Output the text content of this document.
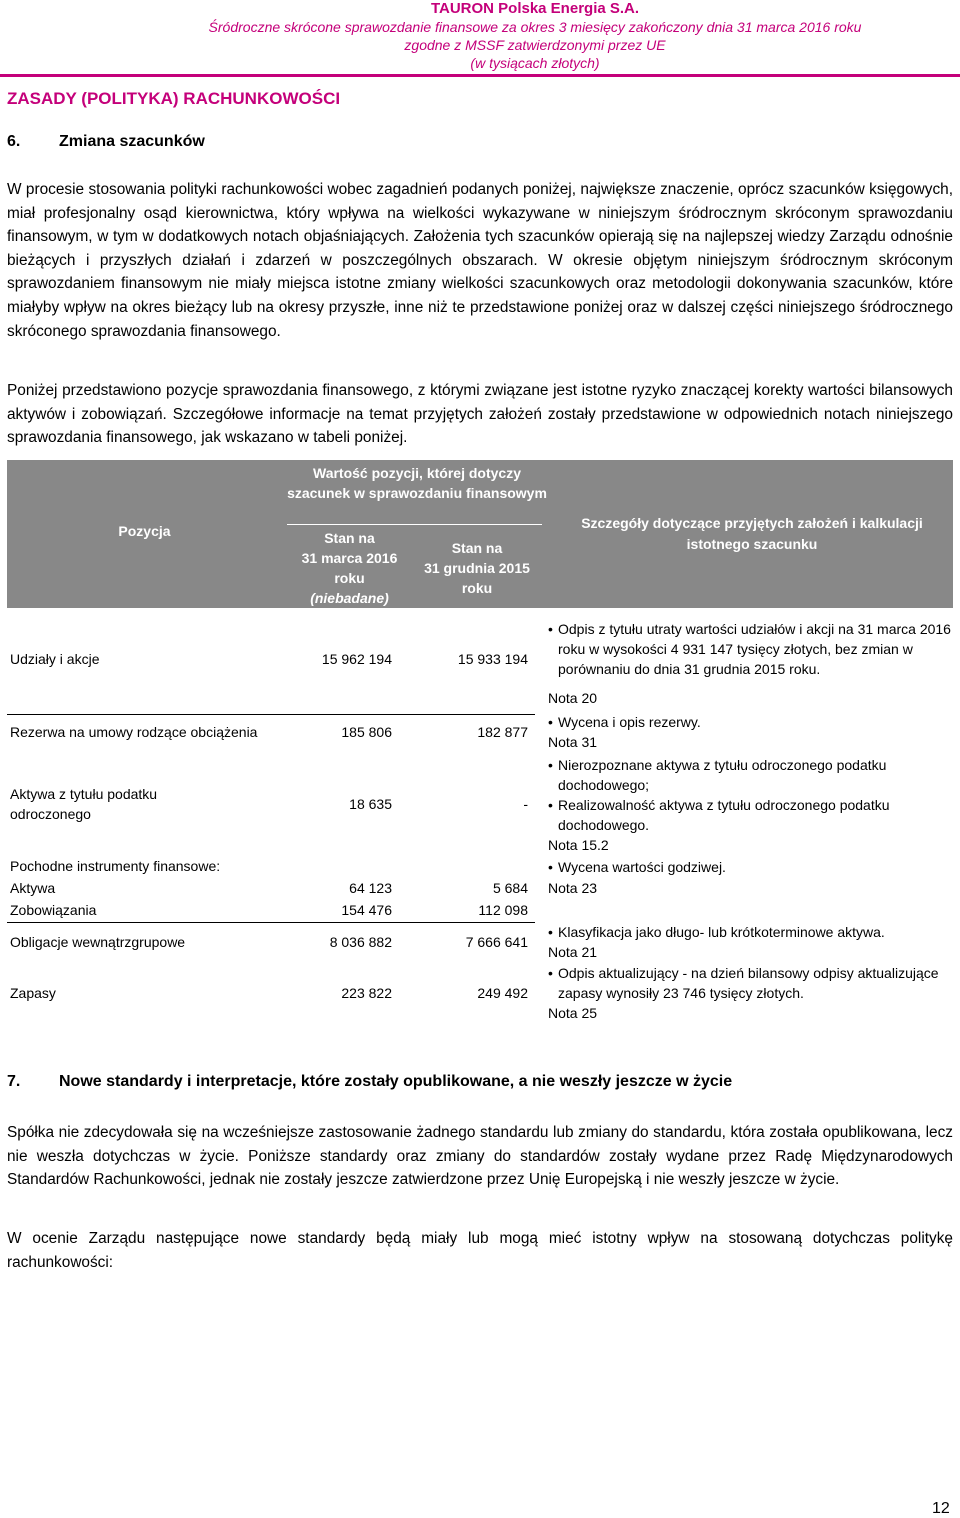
TAURON Polska Energia S.A.
Śródroczne skrócone sprawozdanie finansowe za okres 3 miesięcy zakończony dnia 31 marca 2016 roku
zgodne z MSSF zatwierdzonymi przez UE
(w tysiącach złotych)
ZASADY (POLITYKA) RACHUNKOWOŚCI
6. Zmiana szacunków
W procesie stosowania polityki rachunkowości wobec zagadnień podanych poniżej, największe znaczenie, oprócz szacunków księgowych, miał profesjonalny osąd kierownictwa, który wpływa na wielkości wykazywane w niniejszym śródrocznym skróconym sprawozdaniu finansowym, w tym w dodatkowych notach objaśniających. Założenia tych szacunków opierają się na najlepszej wiedzy Zarządu odnośnie bieżących i przyszłych działań i zdarzeń w poszczególnych obszarach. W okresie objętym niniejszym śródrocznym skróconym sprawozdaniem finansowym nie miały miejsca istotne zmiany wielkości szacunkowych oraz metodologii dokonywania szacunków, które miałyby wpływ na okres bieżący lub na okresy przyszłe, inne niż te przedstawione poniżej oraz w dalszej części niniejszego śródrocznego skróconego sprawozdania finansowego.
Poniżej przedstawiono pozycje sprawozdania finansowego, z którymi związane jest istotne ryzyko znaczącej korekty wartości bilansowych aktywów i zobowiązań. Szczegółowe informacje na temat przyjętych założeń zostały przedstawione w odpowiednich notach niniejszego sprawozdania finansowego, jak wskazano w tabeli poniżej.
Pozycja
Wartość pozycji, której dotyczy szacunek w sprawozdaniu finansowym
Stan na
31 marca 2016
roku
(niebadane)
Stan na
31 grudnia 2015
roku
Szczegóły dotyczące przyjętych założeń i kalkulacji istotnego szacunku
Udziały i akcje	15 962 194	15 933 194
• Odpis z tytułu utraty wartości udziałów i akcji na 31 marca 2016 roku w wysokości 4 931 147 tysięcy złotych, bez zmian w porównaniu do dnia 31 grudnia 2015 roku.
Nota 20
Rezerwa na umowy rodzące obciążenia	185 806	182 877
• Wycena i opis rezerwy.
Nota 31
Aktywa z tytułu podatku odroczonego
18 635	-
• Nierozpoznane aktywa z tytułu odroczonego podatku dochodowego;
• Realizowalność aktywa z tytułu odroczonego podatku dochodowego.
Nota 15.2
Pochodne instrumenty finansowe:
Aktywa	64 123	5 684
Zobowiązania	154 476	112 098
• Wycena wartości godziwej.
Nota 23
Obligacje wewnątrzgrupowe	8 036 882	7 666 641
• Klasyfikacja jako długo- lub krótkoterminowe aktywa.
Nota 21
Zapasy	223 822	249 492
• Odpis aktualizujący - na dzień bilansowy odpisy aktualizujące zapasy wynosiły 23 746 tysięcy złotych.
Nota 25
7. Nowe standardy i interpretacje, które zostały opublikowane, a nie weszły jeszcze w życie
Spółka nie zdecydowała się na wcześniejsze zastosowanie żadnego standardu lub zmiany do standardu, która została opublikowana, lecz nie weszła dotychczas w życie. Poniższe standardy oraz zmiany do standardów zostały wydane przez Radę Międzynarodowych Standardów Rachunkowości, jednak nie zostały jeszcze zatwierdzone przez Unię Europejską i nie weszły jeszcze w życie.
W ocenie Zarządu następujące nowe standardy będą miały lub mogą mieć istotny wpływ na stosowaną dotychczas politykę rachunkowości:
12
